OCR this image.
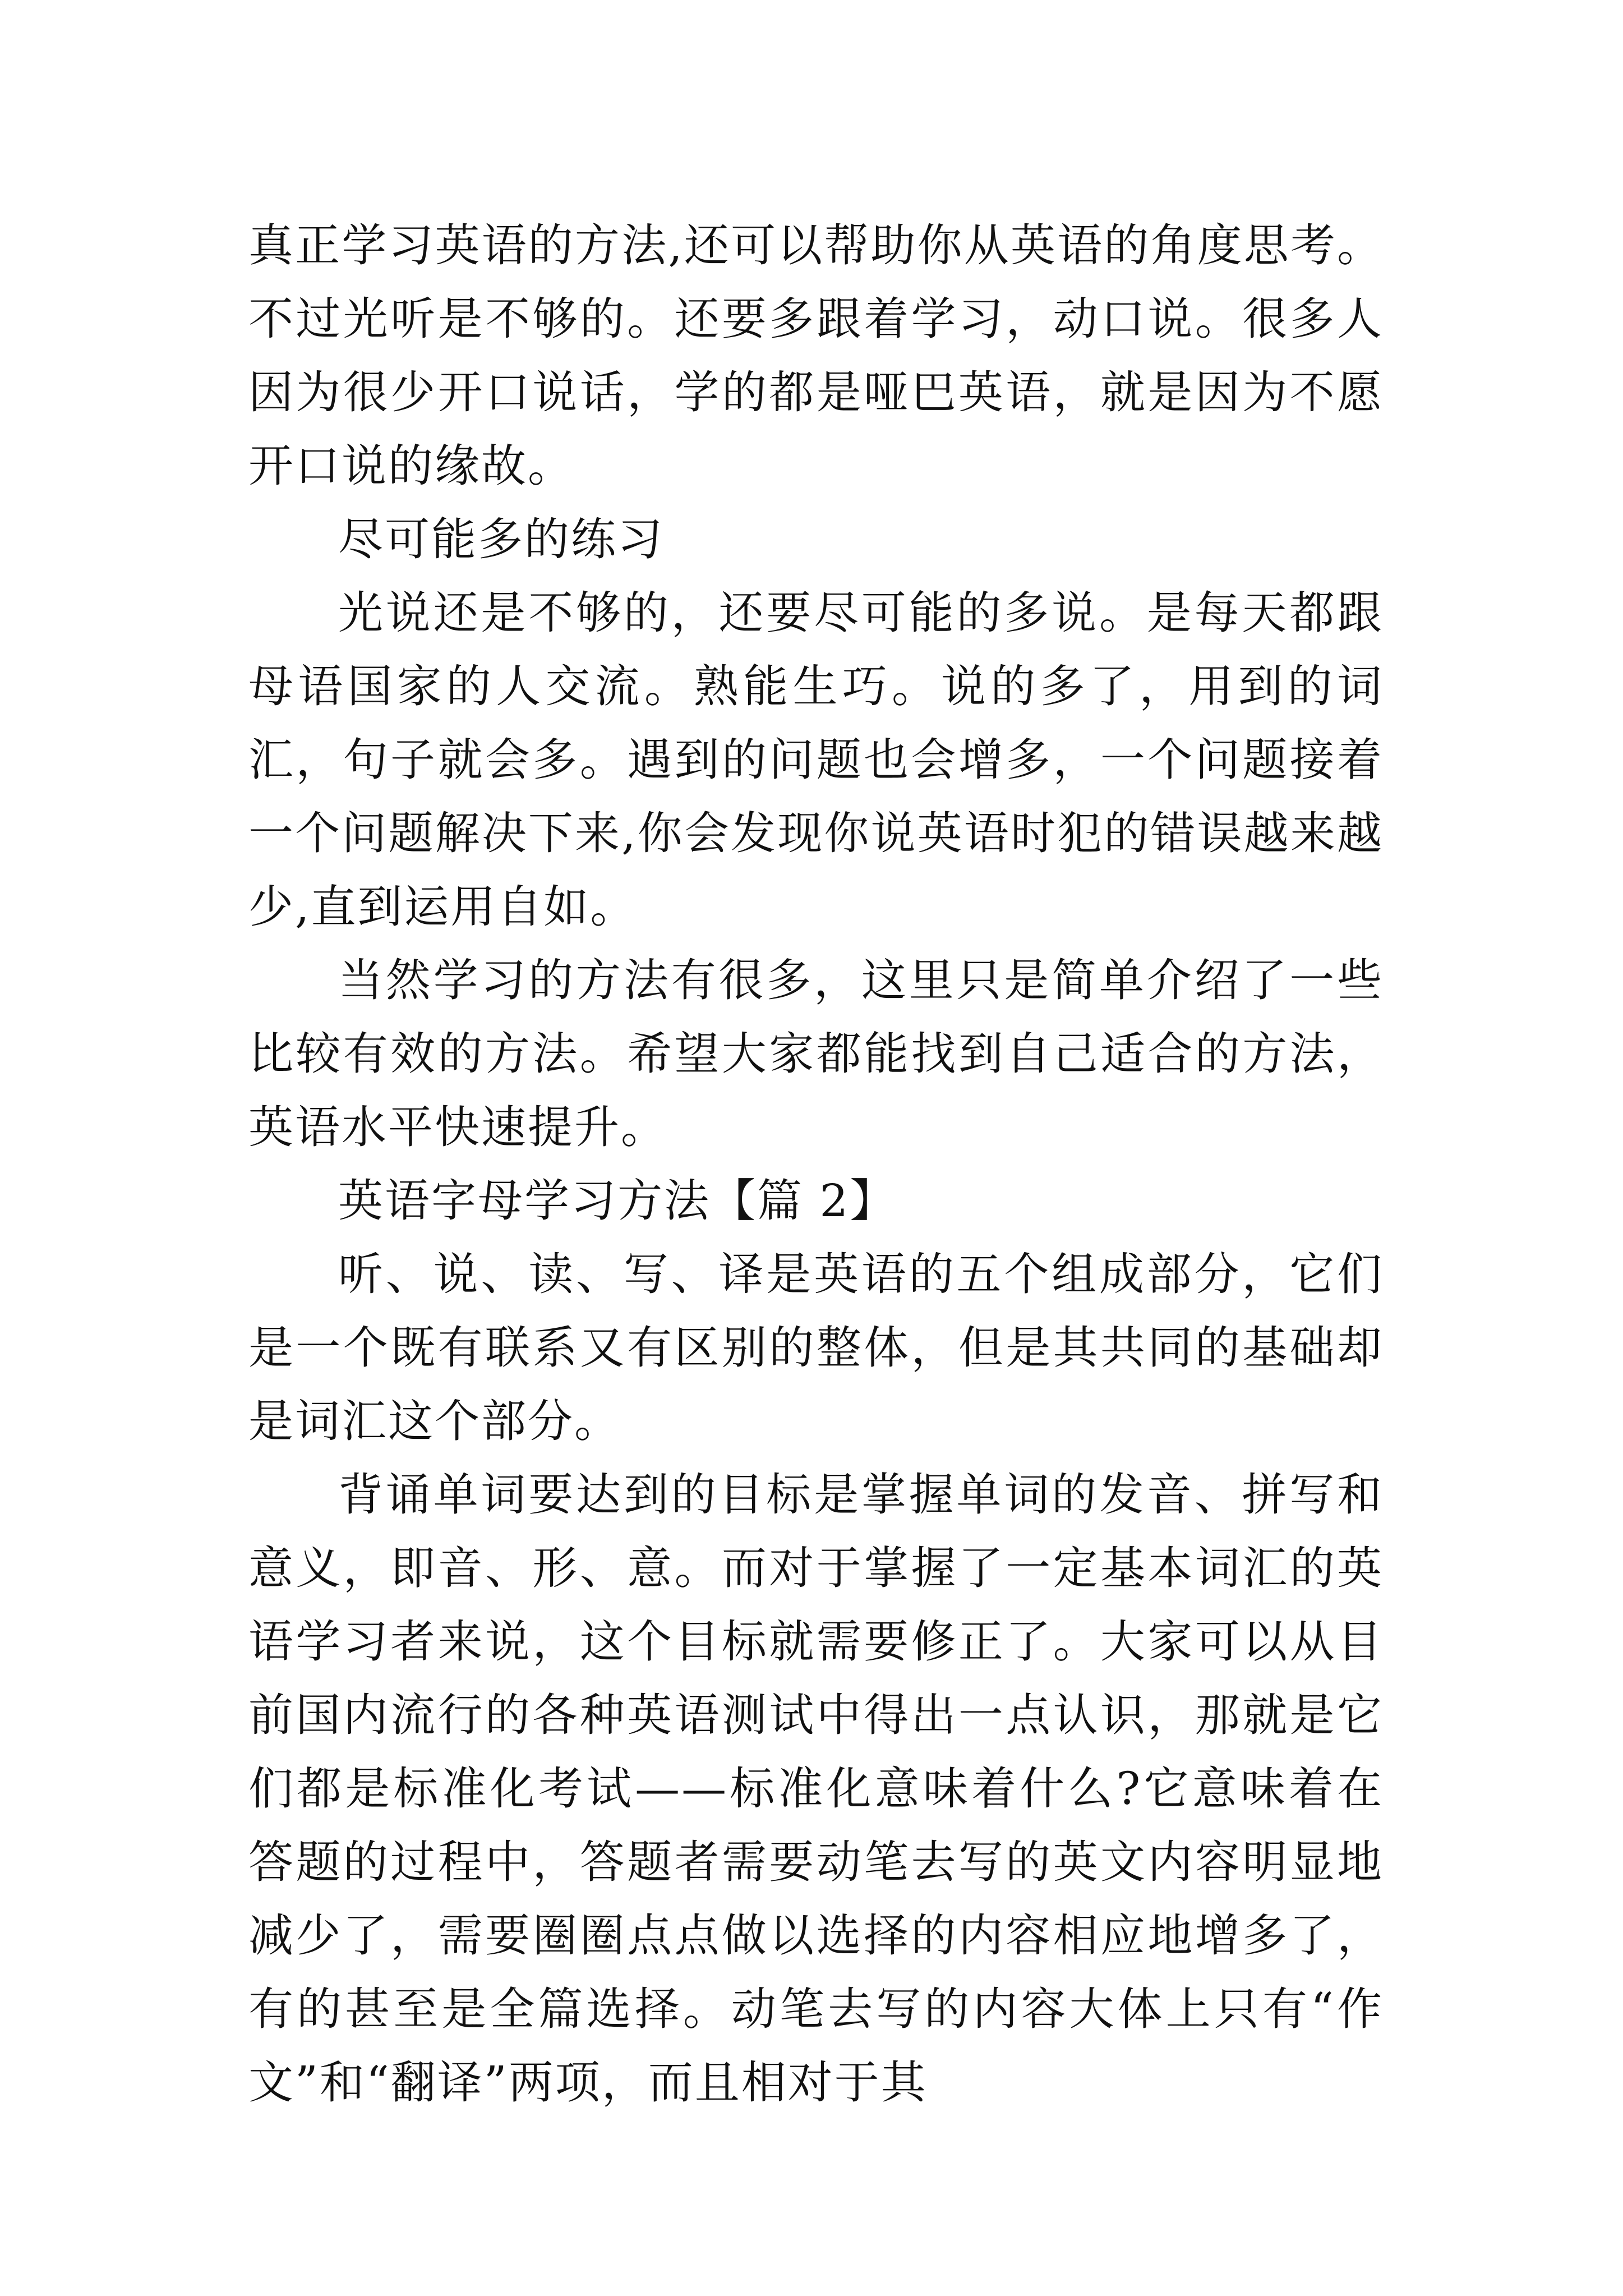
真正学习英语的方法,还可以帮助你从英语的角度思考。不过光听是不够的。还要多跟着学习，动口说。很多人因为很少开口说话，学的都是哑巴英语，就是因为不愿开口说的缘故。

尽可能多的练习

光说还是不够的，还要尽可能的多说。是每天都跟母语国家的人交流。熟能生巧。说的多了，用到的词汇，句子就会多。遇到的问题也会增多，一个问题接着一个问题解决下来,你会发现你说英语时犯的错误越来越少,直到运用自如。

当然学习的方法有很多，这里只是简单介绍了一些比较有效的方法。希望大家都能找到自己适合的方法，英语水平快速提升。

英语字母学习方法【篇 2】

听、说、读、写、译是英语的五个组成部分，它们是一个既有联系又有区别的整体，但是其共同的基础却是词汇这个部分。

背诵单词要达到的目标是掌握单词的发音、拼写和意义，即音、形、意。而对于掌握了一定基本词汇的英语学习者来说，这个目标就需要修正了。大家可以从目前国内流行的各种英语测试中得出一点认识，那就是它们都是标准化考试——标准化意味着什么?它意味着在答题的过程中，答题者需要动笔去写的英文内容明显地减少了，需要圈圈点点做以选择的内容相应地增多了，有的甚至是全篇选择。动笔去写的内容大体上只有“作文”和“翻译”两项，而且相对于其
